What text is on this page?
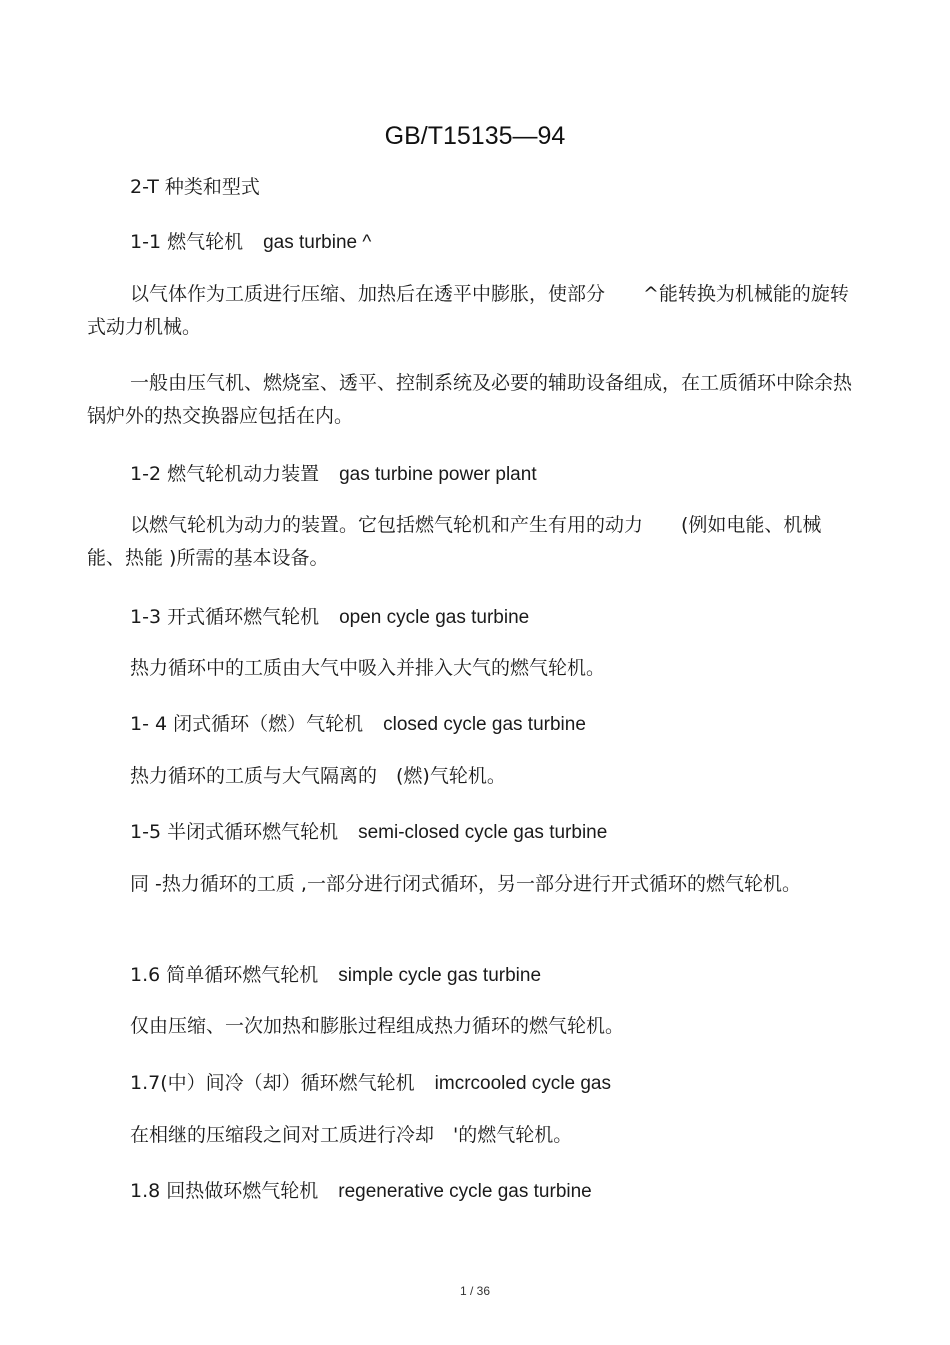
GB/T15135—94
2-T 种类和型式
1-1 燃气轮机 gas turbine ^
以气体作为工质进行压缩、加热后在透平中膨胀，使部分　　^能转换为机械能的旋转式动力机械。
一般由压气机、燃烧室、透平、控制系统及必要的辅助设备组成，在工质循环中除余热锅炉外的热交换器应包括在内。
1-2 燃气轮机动力装置 gas turbine power plant
以燃气轮机为动力的装置。它包括燃气轮机和产生有用的动力　　(例如电能、机械能、热能 )所需的基本设备。
1-3 开式循环燃气轮机 open cycle gas turbine
热力循环中的工质由大气中吸入并排入大气的燃气轮机。
1- 4 闭式循环（燃）气轮机 closed cycle gas turbine
热力循环的工质与大气隔离的　(燃)气轮机。
1-5 半闭式循环燃气轮机 semi-closed cycle gas turbine
同 -热力循环的工质 ,一部分进行闭式循环，另一部分进行开式循环的燃气轮机。
1.6 简单循环燃气轮机 simple cycle gas turbine
仅由压缩、一次加热和膨胀过程组成热力循环的燃气轮机。
1.7(中）间冷（却）循环燃气轮机 imcrcooled cycle gas
在相继的压缩段之间对工质进行冷却　'的燃气轮机。
1.8 回热做环燃气轮机 regenerative cycle gas turbine
1 / 36
